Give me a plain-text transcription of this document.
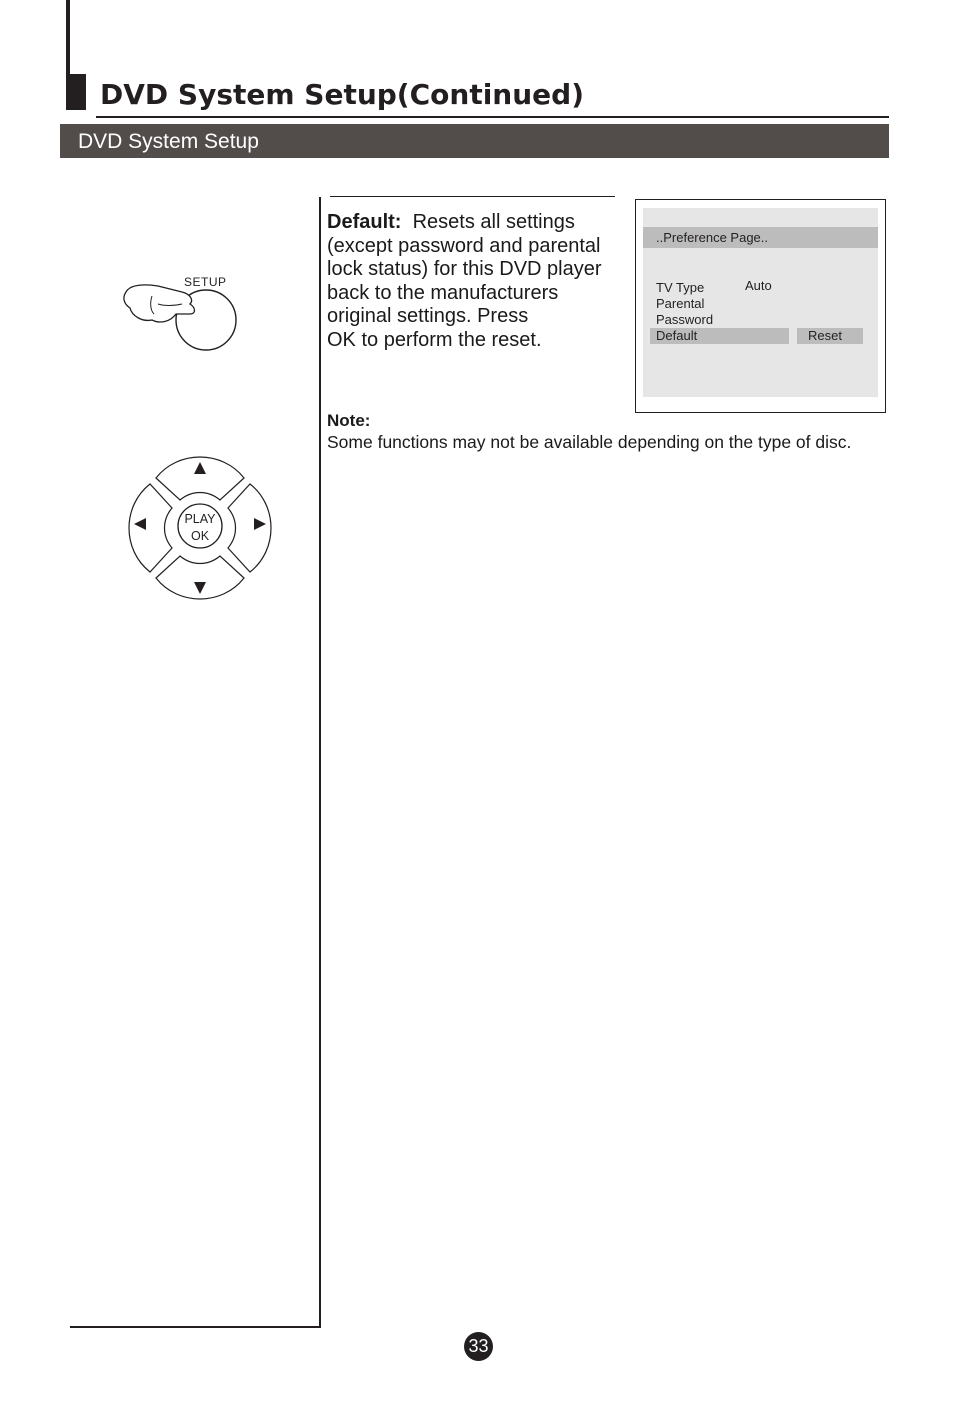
DVD System Setup(Continued)
DVD System Setup
SETUP
PLAY
OK
Default: Resets all settings
(except password and parental
lock status) for this DVD player
back to the manufacturers
original settings. Press
OK to perform the reset.
..Preference Page..
TV Type
Parental
Password
Default
Auto
Reset
Note:
Some functions may not be available depending on the type of disc.
33
